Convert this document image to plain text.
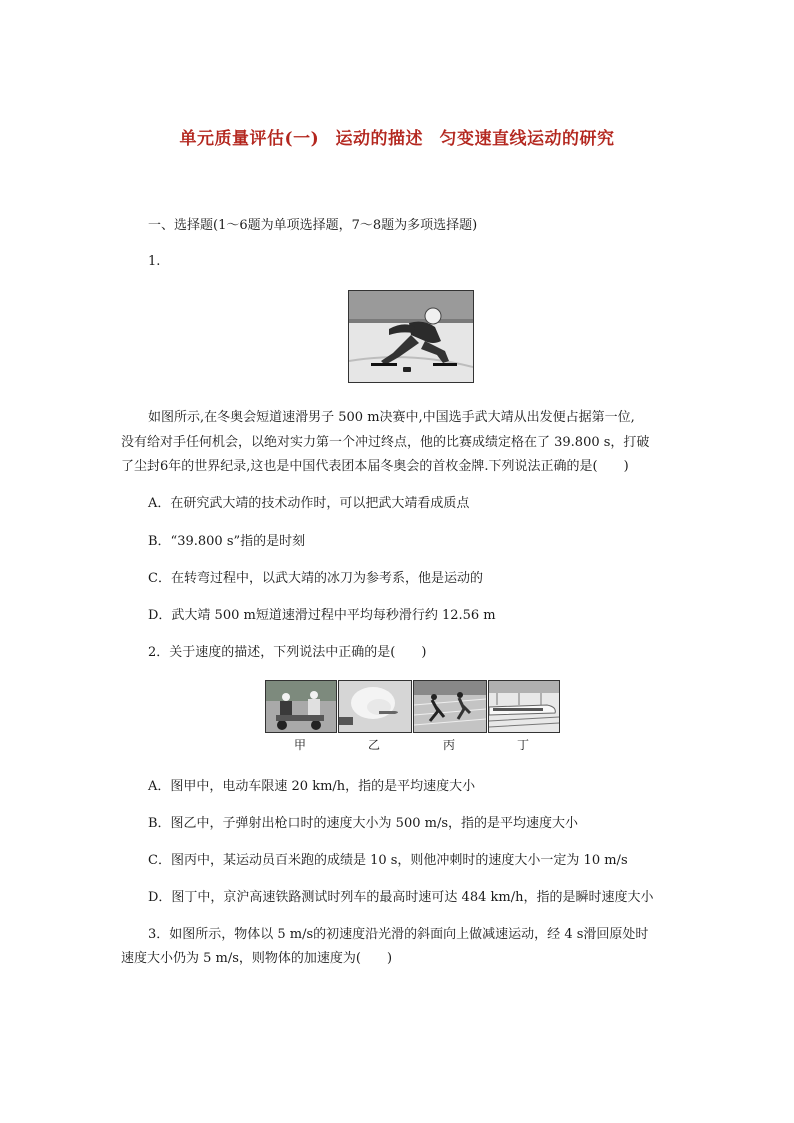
单元质量评估(一) 运动的描述 匀变速直线运动的研究
一、选择题(1～6题为单项选择题，7～8题为多项选择题)
1.
如图所示,在冬奥会短道速滑男子 500 m决赛中,中国选手武大靖从出发便占据第一位,
没有给对手任何机会，以绝对实力第一个冲过终点，他的比赛成绩定格在了 39.800 s，打破
了尘封6年的世界纪录,这也是中国代表团本届冬奥会的首枚金牌.下列说法正确的是(　　)
A．在研究武大靖的技术动作时，可以把武大靖看成质点
B．“39.800 s”指的是时刻
C．在转弯过程中，以武大靖的冰刀为参考系，他是运动的
D．武大靖 500 m短道速滑过程中平均每秒滑行约 12.56 m
2．关于速度的描述，下列说法中正确的是(　　)
甲	乙	丙	丁
A．图甲中，电动车限速 20 km/h，指的是平均速度大小
B．图乙中，子弹射出枪口时的速度大小为 500 m/s，指的是平均速度大小
C．图丙中，某运动员百米跑的成绩是 10 s，则他冲刺时的速度大小一定为 10 m/s
D．图丁中，京沪高速铁路测试时列车的最高时速可达 484 km/h，指的是瞬时速度大小
3．如图所示，物体以 5 m/s的初速度沿光滑的斜面向上做减速运动，经 4 s滑回原处时
速度大小仍为 5 m/s，则物体的加速度为(　　)
